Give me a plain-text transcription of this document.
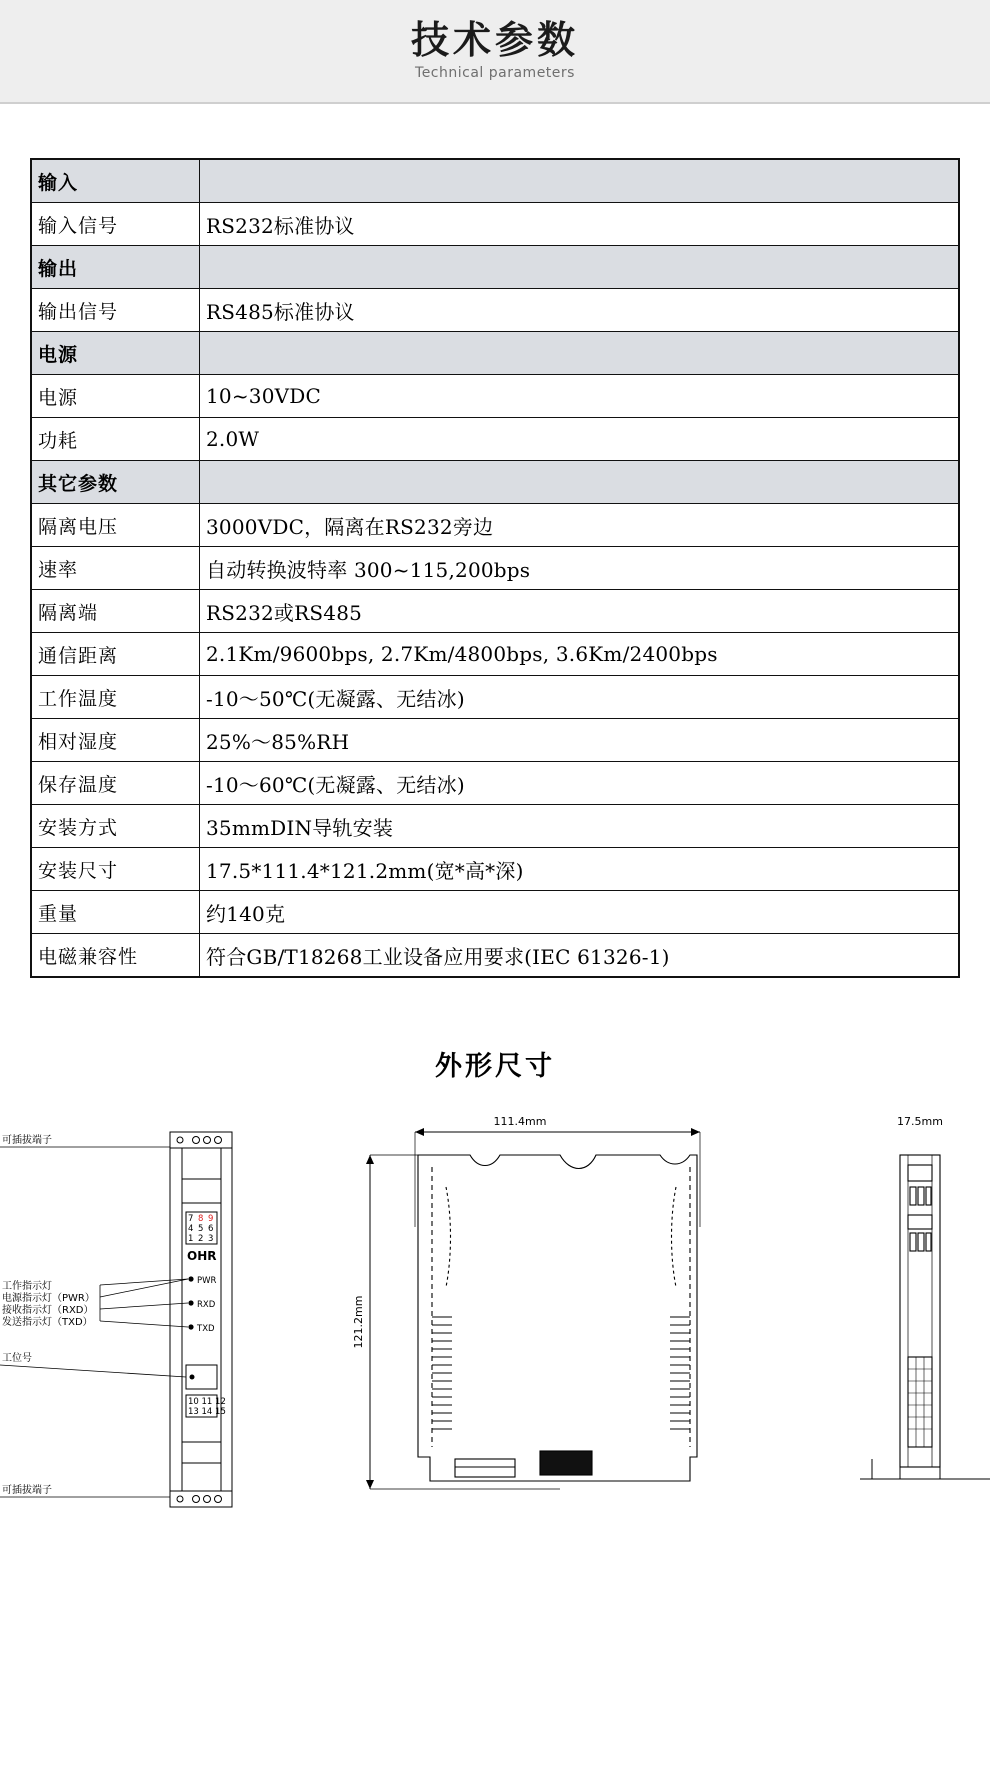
技术参数
Technical parameters
输入	
输入信号	RS232标准协议
输出	
输出信号	RS485标准协议
电源	
电源	10~30VDC
功耗	2.0W
其它参数	
隔离电压	3000VDC，隔离在RS232旁边
速率	自动转换波特率 300~115,200bps
隔离端	RS232或RS485
通信距离	2.1Km/9600bps, 2.7Km/4800bps, 3.6Km/2400bps
工作温度	-10～50℃(无凝露、无结冰)
相对湿度	25%～85%RH
保存温度	-10～60℃(无凝露、无结冰)
安装方式	35mmDIN导轨安装
安装尺寸	17.5*111.4*121.2mm(宽*高*深)
重量	约140克
电磁兼容性	符合GB/T18268工业设备应用要求(IEC 61326-1)
外形尺寸
7 8 9
4 5 6
1 2 3
OHR
PWR
RXD
TXD
10 11 12
13 14 15
可插拔端子
工作指示灯
电源指示灯（PWR）
接收指示灯（RXD）
发送指示灯（TXD）
工位号
可插拔端子
111.4mm
121.2mm
17.5mm
